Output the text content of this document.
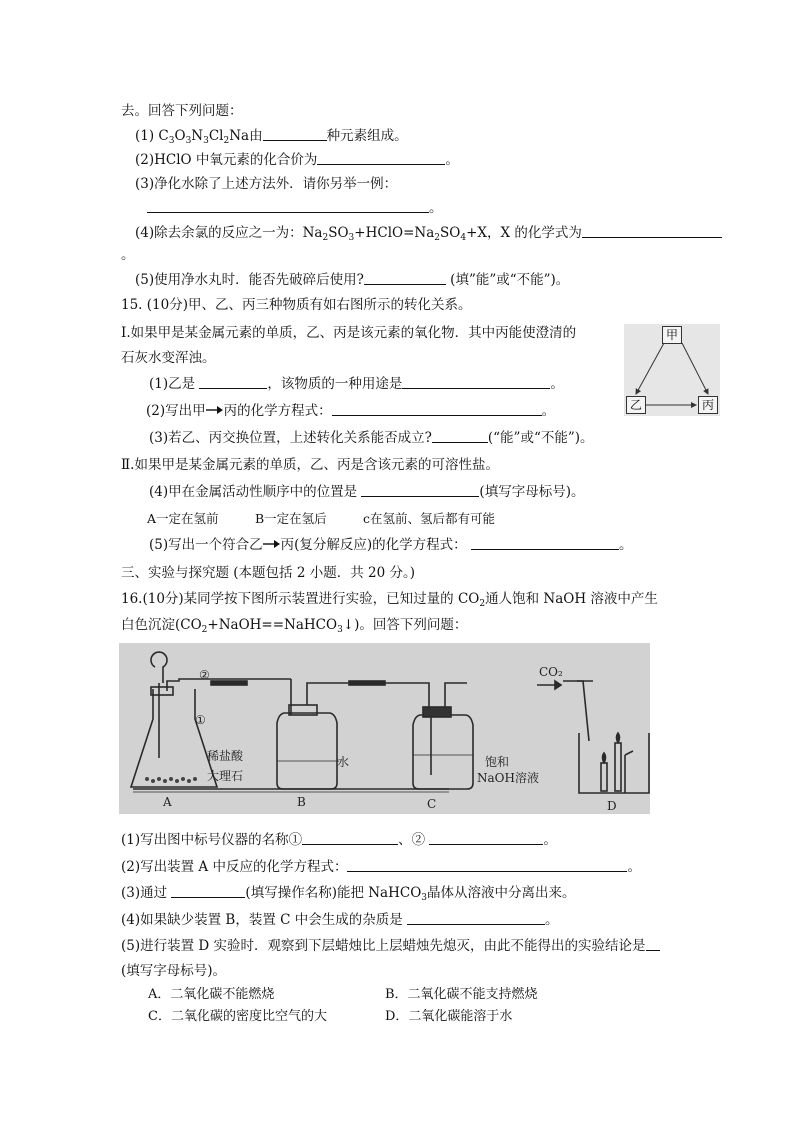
去。回答下列问题：
(1) $C_3O_3N_3Cl_2Na$由	种元素组成。
(2)HClO 中氧元素的化合价为	。
(3)净化水除了上述方法外．请你另举一例：
。
(4)除去余氯的反应之一为：$Na_2SO_3+HClO=Na_2SO_4+X$，X 的化学式为
。
(5)使用净水丸时．能否先破碎后使用?	(填”能”或“不能”)。
15. (10分)甲、乙、丙三种物质有如右图所示的转化关系。
Ⅰ.如果甲是某金属元素的单质，乙、丙是该元素的氧化物．其中丙能使澄清的
石灰水变浑浊。
甲
乙	丙
(1)乙是	，该物质的一种用途是	。
(2)写出甲 丙的化学方程式：	。
(3)若乙、丙交换位置，上述转化关系能否成立?	(“能”或“不能”)。
Ⅱ.如果甲是某金属元素的单质，乙、丙是含该元素的可溶性盐。
(4)甲在金属活动性顺序中的位置是	(填写字母标号)。
A一定在氢前	B一定在氢后	c在氢前、氢后都有可能
(5)写出一个符合乙 丙(复分解反应)的化学方程式：	。
三、实验与探究题 (本题包括 2 小题．共 20 分。)
16.(10分)某同学按下图所示装置进行实验，已知过量的 $CO_2$通人饱和 NaOH 溶液中产生
白色沉淀$(CO_2+NaOH==NaHCO_3↓)$。回答下列问题：
②
①
稀盐酸
大理石
A
水
B
饱和
NaOH溶液
C
CO₂
D
(1)写出图中标号仪器的名称①	、②	。
(2)写出装置 A 中反应的化学方程式：	。
(3)通过	(填写操作名称)能把 NaHCO$_3$晶体从溶液中分离出来。
(4)如果缺少装置 B，装置 C 中会生成的杂质是	。
(5)进行装置 D 实验时．观察到下层蜡烛比上层蜡烛先熄灭，由此不能得出的实验结论是
(填写字母标号)。
A．二氧化碳不能燃烧	B．二氧化碳不能支持燃烧
C．二氧化碳的密度比空气的大	D．二氧化碳能溶于水
